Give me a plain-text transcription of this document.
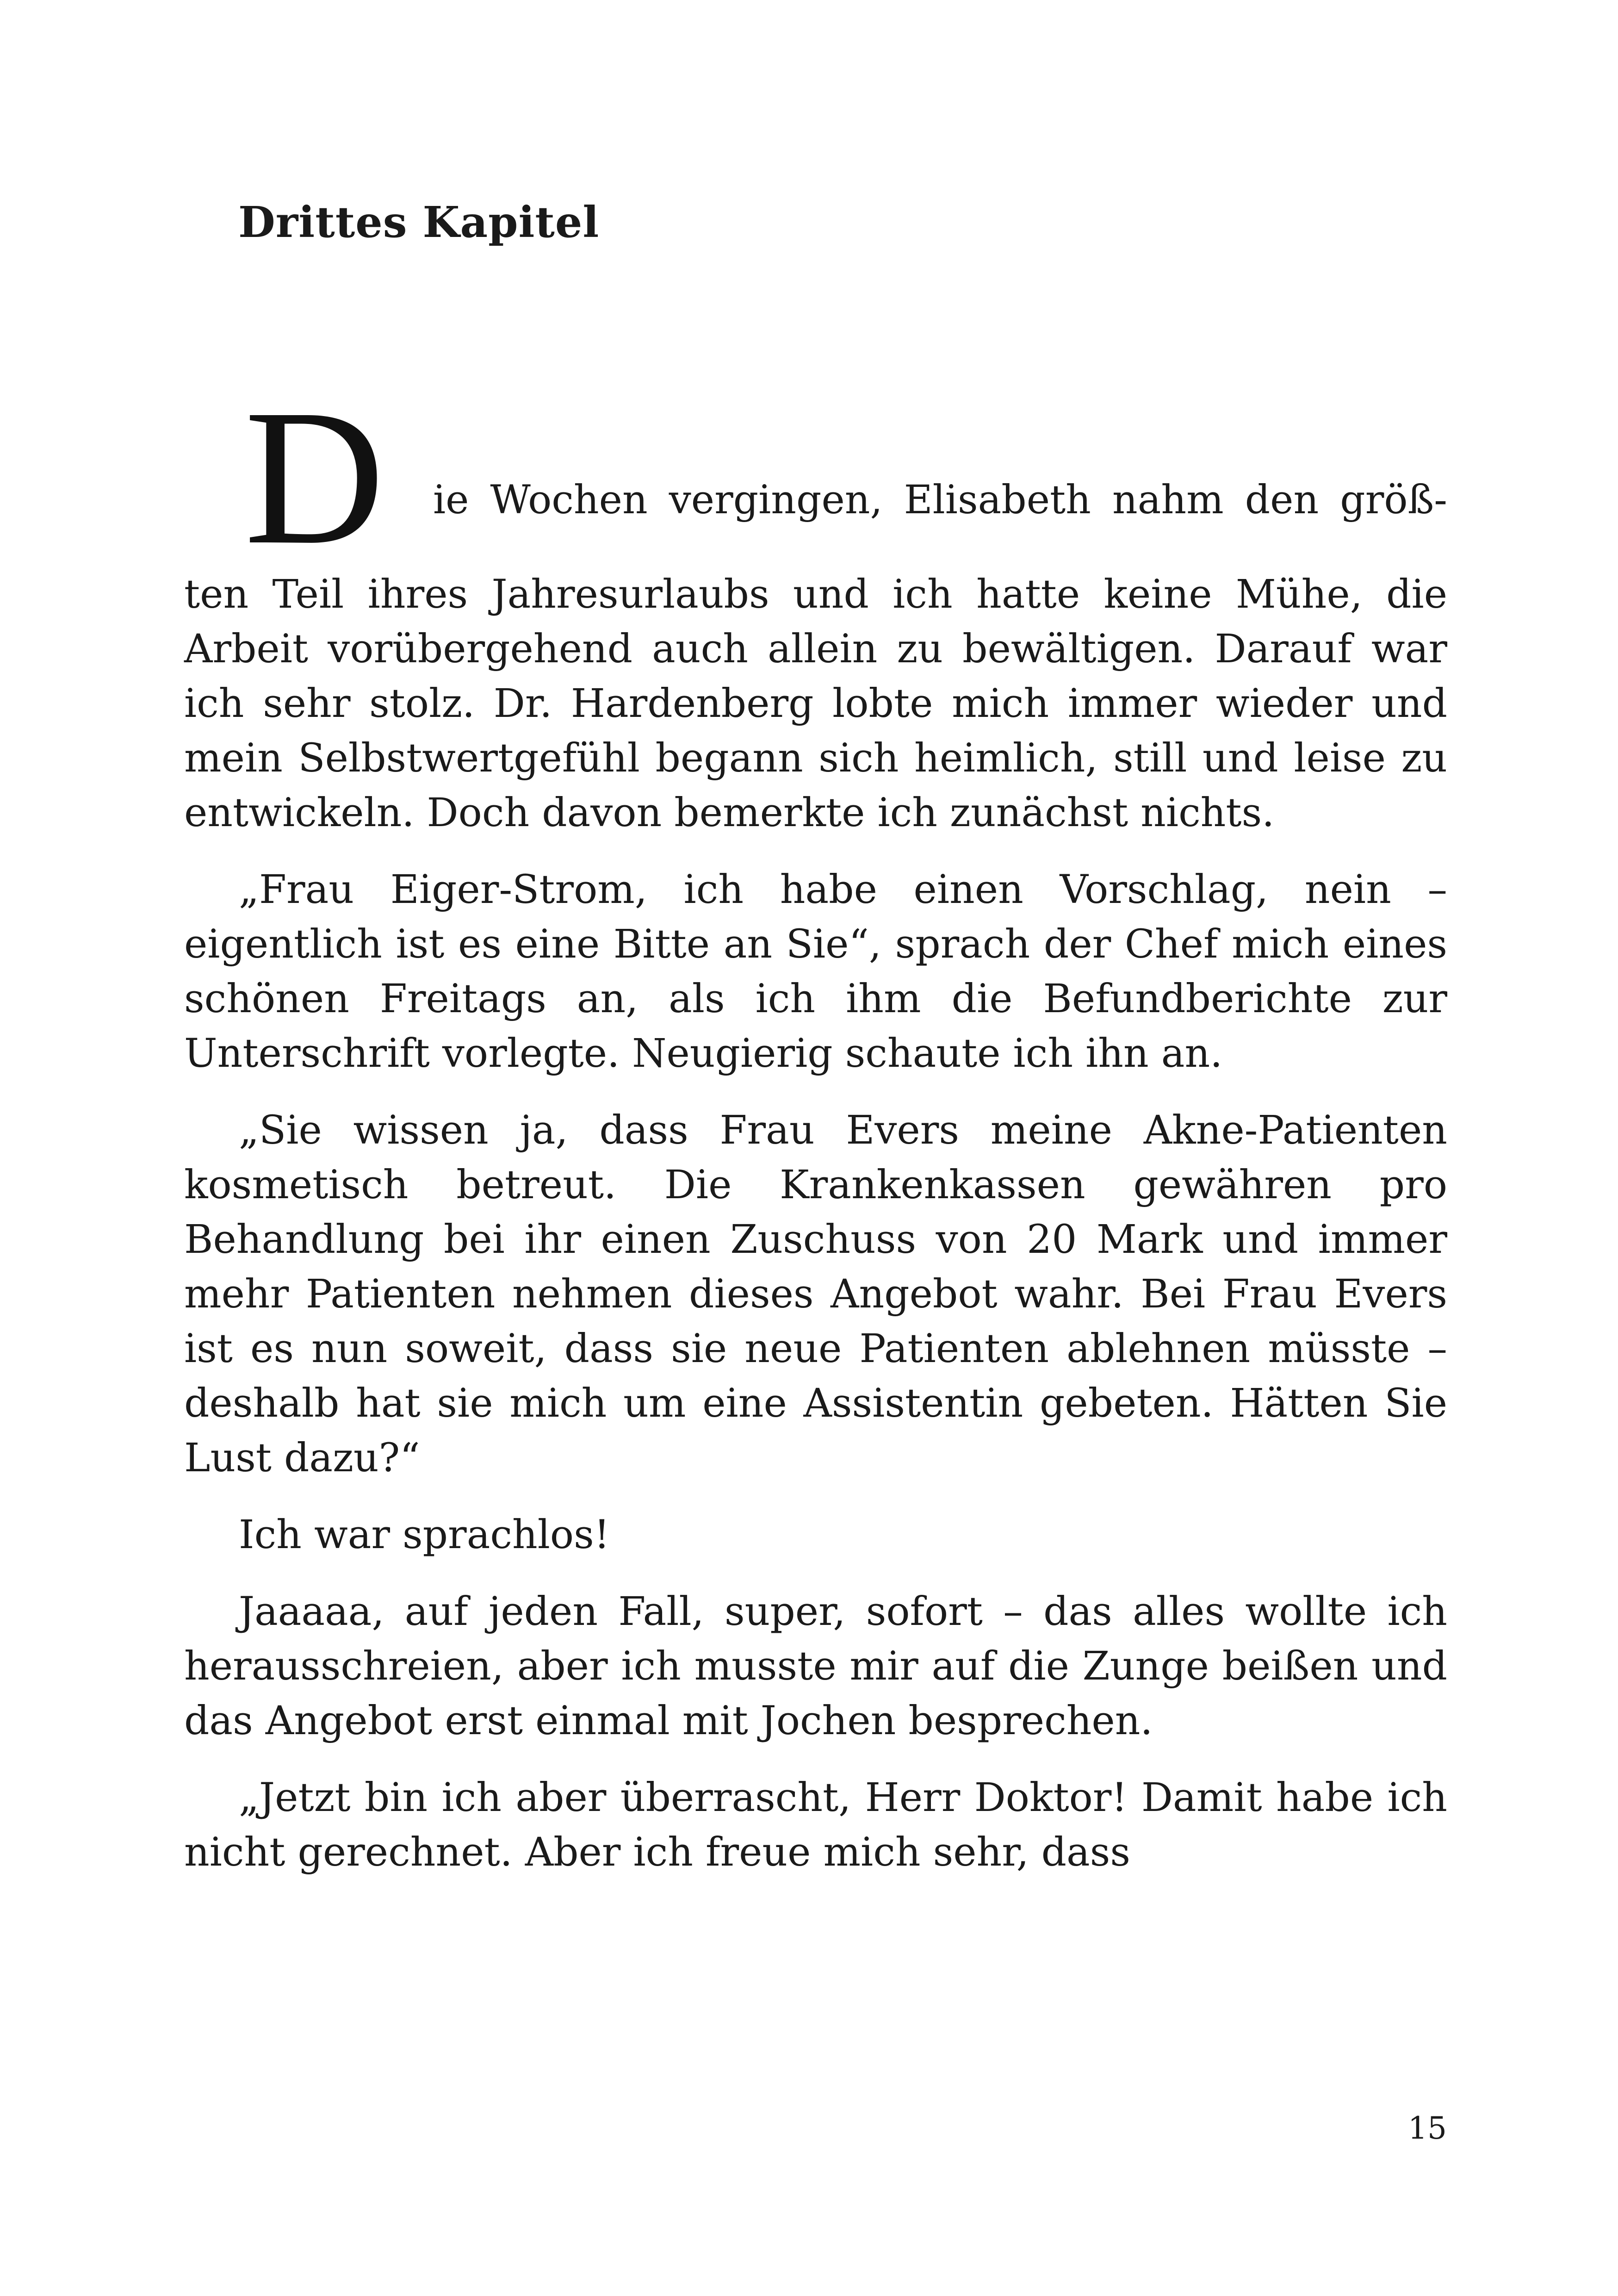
Drittes Kapitel

D ie Wochen vergingen, Elisabeth nahm den größ-
ten Teil ihres Jahresurlaubs und ich hatte keine Mühe, die Arbeit vorübergehend auch allein zu bewältigen. Darauf war ich sehr stolz. Dr. Hardenberg lobte mich immer wieder und mein Selbstwertgefühl begann sich heimlich, still und leise zu entwickeln. Doch davon bemerkte ich zunächst nichts.

„Frau Eiger-Strom, ich habe einen Vorschlag, nein – eigentlich ist es eine Bitte an Sie“, sprach der Chef mich eines schönen Freitags an, als ich ihm die Befundberichte zur Unterschrift vorlegte. Neugierig schaute ich ihn an.

„Sie wissen ja, dass Frau Evers meine Akne-Patienten kosmetisch betreut. Die Krankenkassen gewähren pro Behandlung bei ihr einen Zuschuss von 20 Mark und immer mehr Patienten nehmen dieses Angebot wahr. Bei Frau Evers ist es nun soweit, dass sie neue Patienten ablehnen müsste – deshalb hat sie mich um eine Assistentin gebeten. Hätten Sie Lust dazu?“

Ich war sprachlos!

Jaaaaa, auf jeden Fall, super, sofort – das alles wollte ich herausschreien, aber ich musste mir auf die Zunge beißen und das Angebot erst einmal mit Jochen besprechen.

„Jetzt bin ich aber überrascht, Herr Doktor! Damit habe ich nicht gerechnet. Aber ich freue mich sehr, dass

15
